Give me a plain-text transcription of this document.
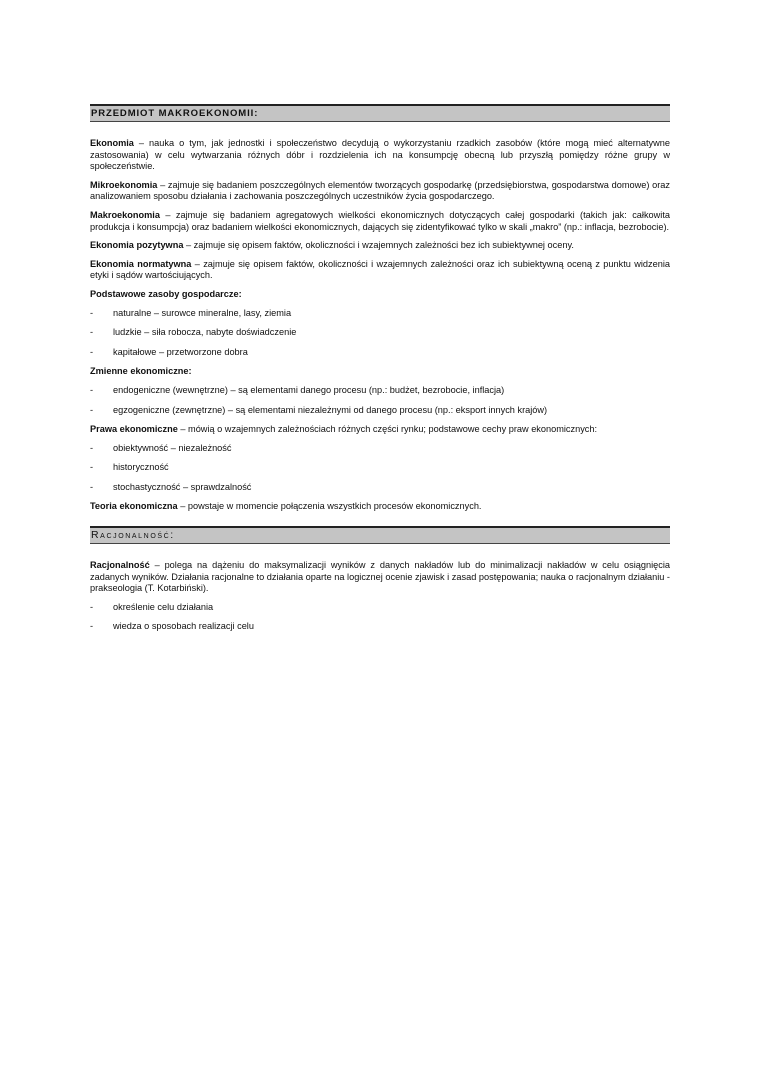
PRZEDMIOT MAKROEKONOMII:

Ekonomia – nauka o tym, jak jednostki i społeczeństwo decydują o wykorzystaniu rzadkich zasobów (które mogą mieć alternatywne zastosowania) w celu wytwarzania różnych dóbr i rozdzielenia ich na konsumpcję obecną lub przyszłą pomiędzy różne grupy w społeczeństwie.

Mikroekonomia – zajmuje się badaniem poszczególnych elementów tworzących gospodarkę (przedsiębiorstwa, gospodarstwa domowe) oraz analizowaniem sposobu działania i zachowania poszczególnych uczestników życia gospodarczego.

Makroekonomia – zajmuje się badaniem agregatowych wielkości ekonomicznych dotyczących całej gospodarki (takich jak: całkowita produkcja i konsumpcja) oraz badaniem wielkości ekonomicznych, dających się zidentyfikować tylko w skali „makro” (np.: inflacja, bezrobocie).

Ekonomia pozytywna – zajmuje się opisem faktów, okoliczności i wzajemnych zależności bez ich subiektywnej oceny.

Ekonomia normatywna – zajmuje się opisem faktów, okoliczności i wzajemnych zależności oraz ich subiektywną oceną z punktu widzenia etyki i sądów wartościujących.

Podstawowe zasoby gospodarcze:

-	naturalne – surowce mineralne, lasy, ziemia
-	ludzkie – siła robocza, nabyte doświadczenie
-	kapitałowe – przetworzone dobra

Zmienne ekonomiczne:

-	endogeniczne (wewnętrzne) – są elementami danego procesu (np.: budżet, bezrobocie, inflacja)
-	egzogeniczne (zewnętrzne) – są elementami niezależnymi od danego procesu (np.: eksport innych krajów)

Prawa ekonomiczne – mówią o wzajemnych zależnościach różnych części rynku; podstawowe cechy praw ekonomicznych:

-	obiektywność – niezależność
-	historyczność
-	stochastyczność – sprawdzalność

Teoria ekonomiczna – powstaje w momencie połączenia wszystkich procesów ekonomicznych.

Racjonalność:

Racjonalność – polega na dążeniu do maksymalizacji wyników z danych nakładów lub do minimalizacji nakładów w celu osiągnięcia zadanych wyników. Działania racjonalne to działania oparte na logicznej ocenie zjawisk i zasad postępowania; nauka o racjonalnym działaniu - prakseologia (T. Kotarbiński).

-	określenie celu działania
-	wiedza o sposobach realizacji celu
